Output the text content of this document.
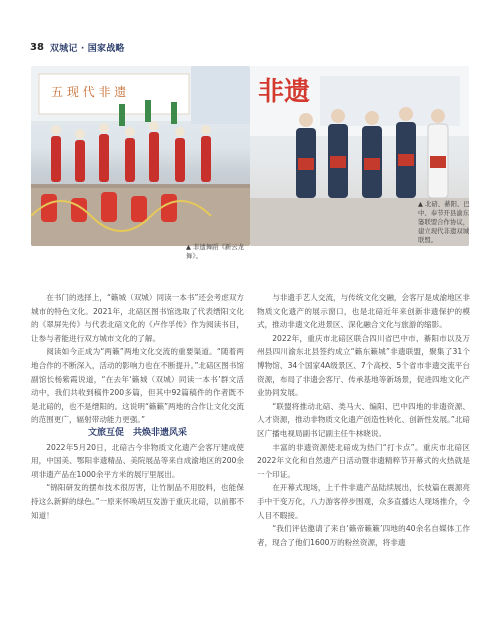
38 双城记 · 国家战略
五 现 代 非 遗
▲ 非遗舞蹈《新云龙舞》。
非遗
▲ 北碚、綦阳、巴中、奉节开县渝东篓联盟合作协议，建立现代非遗双城联盟。

在书门的选择上，“籁城（双城）同读一本书”还会考虑双方城市的特色文化。2021年，北碚区图书馆选取了代表缙阳文化的《翠屏先传》与代表北碚文化的《卢作孚传》作为阅读书目，让参与者能进行双方城市文化的了解。

阅读如今正成为“两籁”两地文化交流的重要渠道。“随着两地合作的不断深入，活动的影响力也在不断提升。”北碚区图书馆副馆长杨紫霞说道，“在去年‘籁城（双城）同读一本书’群文活动中，我们共收到稿件200多篇，但其中92篇稿件的作者既不是北碚的，也不是缙阳的。这说明“籁籁”两地的合作让文化交流的范围更广，辐射带动能力更强。”

文旅互促　共焕非遗风采

2022年5月20日，北碚古今非物质文化遗产会客厅建成使用，中国美、鄂阳非遗精品、美院展品等来自成渝地区的200余项非遗产品在1000余平方米的展厅里展出。

“锦阳研发的摆布技术很厉害，让竹制品不用胶料，也能保持这么新鲜的绿色。”一原来怀唤胡互发游于重庆北碚，以前都不知道！

与非遗手艺人交流，与传统文化交融，会客厅是成渝地区非物质文化遗产的展示窗口，也是北碚近年来创新非遗保护的模式，推动非遗文化进景区、深化融合文化与旅游的缩影。

2022年，重庆市北碚区联合四川省巴中市、綦阳市以及万州县四川渝东北县签约成立“籁东籁城”非遗联盟，聚集了31个博物馆、34个国家4A级景区、7个高校、5个省市非遗交流平台资源，布局了非遗会客厅、传承基地等新场景，促进四地文化产业协同发展。

“联盟将推动北碚、类马大、编阳、巴中四地的非遗资源、人才资源，推动非物质文化遗产创造性转化、创新性发展。”北碚区广播电视局副书记副主任牛林晓说。

丰富的非遗资源使北碚成为热门“打卡点”。重庆市北碚区2022年文化和自然遗产日活动暨非遗精粹节开幕式的火热就是一个印证。

在开幕式现场，上千件非遗产品陆续展出，长枝篇在震源亮手中干变万化，八力游客停步围观，众多直播达人现场推介，令人目不暇接。

“我们评估邀请了来自‘籁帝籁籁’四地的40余名自媒体工作者，现合了他们1600万的粉丝资源，将非遗
